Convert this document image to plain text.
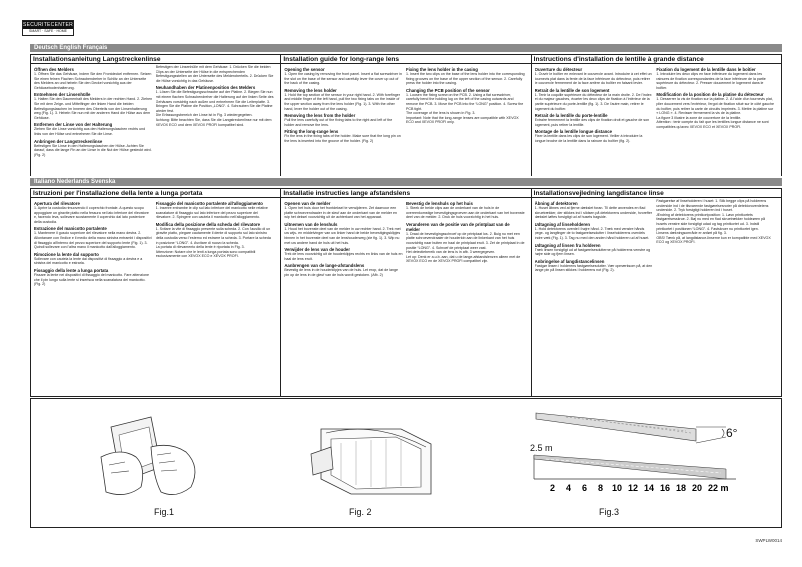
SECURITECENTER
SMART · SAFE · HOME
Deutsch English Français
Installationsanleitung Langstreckenlinse	Installation guide for long-range lens	Instructions d'installation de lentille à grande distance
Öffnen des Melders
1. Öffnen Sie das Gehäuse, indem Sie den Frontdeckel entfernen. Setzen Sie einen feinen Flachen Schraubendreher in Schlitz an der Unterseite des Melders an und hebeln Sie den Deckel vorsichtig aus der Gehäusebodenhalterung.
Entnehmen der Linsenhülle
1. Halten Sie den Daumenhalt des Melders in der rechten Hand. 2. Ziehen Sie mit dem Zeige- und Mittelfinger der linken Hand die beiden Befestigungslaschen im Inneren des Oberteils von der Linsenhalterung weg (Fig. 1). 3. Hebeln Sie nun mit der anderen Hand die Hülse aus dem Gehäuse.
Entfernen der Linse von der Halterung
Ziehen Sie die Linse vorsichtig aus den Halterungslaschen rechts und links von der Hülse und entnehmen Sie die Linse.
Anbringen der Langstreckenlinse
Befestigen Sie Linse in den Halterungslaschen der Hülse. Achten Sie darauf, dass die lange Fin an der Linse in die Nut der Hülse gesteckt wird. (Fig. 2)
Befestigen der Linsenhülle mit dem Gehäuse: 1. Drücken Sie die beiden Clips an der Unterseite der Hülse in die entsprechenden Befestigungsstellen an der Unterseite des Melderoberteils. 2. Drücken Sie die Hülse vorsichtig in das Gehäuse.
Neuhandhaben der Platinenposition des Melders
1. Lösen Sie die Befestigungsschraube auf der Platine. 2. Biegen Sie nun mit einem flachen Schraubendreher die Halterung auf der linken Seite des Gehäuses vorsichtig nach außen und entnehmen Sie die Leiterplatte. 3. Bringen Sie die Platine die Position „LONG“. 4. Schrauben Sie die Platine wieder fest.
Die Erfassungsbereich der Linse ist in Fig. 3 wiedergegeben.
Achtung: Bitte beachten Sie, dass Sie die Langstreckenlinse nur mit dem XEVOX ECO und dem XEVOX PROFI kompatibel sind.
Opening the sensor
1. Open the casing by removing the front panel. Insert a flat screwdriver in the slot on the base of the sensor and carefully lever the cover up out of the back of the casing.
Removing the lens holder
1. Hold the top section of the sensor in your right hand. 2. With forefinger and middle finger of the left hand, pull the two fixing tabs on the inside of the upper section away from the lens holder (Fig. 1). 3. With the other hand, lever the holder out of the casing.
Removing the lens from the holder
Pull the lens carefully out of the fixing tabs to the right and left of the holder and remove the lens.
Fitting the long-range lens
Fix the lens in the fixing tabs of the holder. Make sure that the long pin on the lens is inserted into the groove of the holder. (Fig. 2)
Fixing the lens holder in the casing
1. Insert the two clips on the base of the lens holder into the corresponding fixing grooves on the base of the upper section of the sensor. 2. Carefully press the holder into the casing.
Changing the PCB position of the sensor
1. Loosen the fixing screw on the PCB. 2. Using a flat screwdriver, carefully bend the holding lug on the left of the casing outwards and remove the PCB. 3. Move the PCB into the “LONG” position. 4. Screw the PCB tight.
The coverage of the lens is shown in Fig. 3.
Important: Note that the long-range lenses are compatible with XEVOX ECO and XEVOX PROFI only.
Ouverture du détecteur
1. Ouvrir le boîtier en enlevant le couvercle avant. Introduire à cet effet un tournevis plat dans la fente de la face inférieure du détecteur, puis retirer le couvercle fermement de la face arrière du boîtier en faisant levier.
Retrait de la lentille de son logement
1. Tenir la coquille supérieure du détecteur de la main droite. 2. De l'index et du majeur gauches, écarter les deux clips de fixation à l'intérieur de la partie supérieure du porte-lentille (fig. 1). 3. De l'autre main, retirer le logement du boîtier.
Retrait de la lentille du porte-lentille
Extraire fermement la lentille des clips de fixation droit et gauche de son logement, puis retirer la lentille.
Montage de la lentille longue distance
Fixer la lentille dans les clips de son logement. Veiller à introduire la longue broche de la lentille dans la rainure du boîtier (fig. 2).
Fixation du logement de la lentille dans le boîtier
1. Introduire les deux clips en face inférieure du logement dans les rainures de fixation correspondantes de la face inférieure de la partie supérieure du détecteur. 2. Presser doucement le logement dans le boîtier.
Modification de la position de la platine du détecteur
1. Desserrer la vis de fixation sur la platine. 2. À l'aide d'un tournevis plat, plier doucement vers l'extérieur, l'ergot de fixation situé sur le côté gauche du boîtier, puis retirer la carte de circuits imprimés. 3. Mettre la platine sur « LONG ». 4. Revisser fermement la vis de la platine.
La figure 3 illustre la zone de couverture de la lentille.
Attention : tenir compte du fait que les lentilles longue distance ne sont compatibles qu'avec XEVOX ECO et XEVOX PROFI.
Italiano Nederlands Svenska
Istruzioni per l'installazione della lente a lunga portata	Installatie instructies lange afstandslens	Installationsvejledning langdistance linse
Apertura del rilevatore
1. Aprire la custodia rimuovendo il coperchio frontale. A questo scopo appoggiare un giravite piatto nella fessura nel lato inferiore del rilevatore e, facendo leva, sollevare scostamente il coperchio dal lato posteriore della custodia.
Estrazione del manicotto portalente
1. Mantenere il guscio superiore del rilevatore nella mano destra. 2. Allontanare con l'indice e il medio della mano sinistra entrambi i dispositivi di fissaggio all'interno del pezzo superiore del supporto lente (Fig. 1). 3. Quindi sollevare con l'altra mano il manicotto dall'alloggiamento.
Rimozione la lente dal supporto
Sollevare con cautela la lente dai dispositivi di fissaggio a destra e a sinistra del manicotto e estrarla.
Fissaggio della lente a lunga portata
Fissare la lente nei dispositivi di fissaggio del manicotto. Fare attenzione che il pin lungo sulla lente si inserisca nella scanalatura del manicotto. (Fig. 2)
Fissaggio del manicotto portalente all'alloggiamento
1. Inserire entrambe le clip sul lato inferiore del manicotto nelle relative scanalature di fissaggio sul lato inferiore del pezzo superiore del rilevatore. 2. Spingere con cautela il manicotto nell'alloggiamento.
Modifica della posizione della scheda del rilevatore
1. Svitare la vite di fissaggio presente sulla scheda. 2. Con l'ausilio di un giravite piatto, piegare cautamente il dente di supporto sul lato sinistro della custodia verso l'esterno ed estrarre la scheda. 3. Portare la scheda in posizione “LONG”. 4. Avvitare di nuovo la scheda.
La portata di rilevamento della lente è riportata in Fig. 3.
Attenzione: Notare che le lenti a lunga portata sono compatibili esclusivamente con XEVOX ECO e XEVOX PROFI.
Openen van de melder
1. Open het huis door het frontdeksel te verwijderen. Zet daarvoor een platte schroevendraaier in de sleuf aan de onderkant van de melder en wip het deksel voorzichtig uit de achterkant van het apparaat.
Uitnemen van de lenshuls
1. Houd het bovenste deel van de melder in uw rechter hand. 2. Trek met uw wijs- en middelvinger van uw linker hand de beide bevestigingsklipjes binnen in het bovenste deel van de lenshouderweg (zie fig. 1). 3. Wip nu met uw andere hand de huls uit het huis.
Verwijder de lens van de houder
Trek de lens voorzichtig uit de houderklipjes rechts en links van de huls en haal de lens eruit.
Aanbrengen van de lange-afstandslens
Bevestig de lens in de houderklipjes van de huls. Let erop, dat de lange pin op de lens in de gleuf van de huls wordt gestoken. (Afb. 2)
Bevestig de lenshuls op het huis
1. Steek de beide clips aan de onderkant van de huls in de overeenkomstige bevestigingsgroeven aan de onderkant van het bovenste deel van de melder. 2. Druk de huls voorzichtig in het huis.
Veranderen van de positie van de printplaat van de melder
1. Draai de bevestigingsschroef op de printplaat los. 2. Buig nu met een platte schroevendraaier de houderlob aan de linkerkant van het huis voorzichtig naar buiten en haal de printplaat eruit. 3. Zet de printplaat in de positie “LONG”. 4. Schroef de printplaat weer vast.
Het detectiebereik van de lens is in afb. 3 weergegeven.
Let op: Denk er a.u.b. aan, dat u de lange-afstandslenzen alleen met de XEVOX ECO en de XEVOX PROFI compatibel zijn.
Åbning af detektoren
1. Huset åbnes ved at fjerne dækslet foran. Til dette anvendes en flad skruetrækker, der stikkes ind i slidsen på detektorens underside, hvorefter dækslet løftes forsigtigt ud af husets bagside.
Udtagning af linseholderen
1. Hold detektorens overdel i højre hånd. 2. Træk med venstre hånds pege- og langfinger de to fastgørelsesdutter i linseholderens overdels indre væk (Fig. 1). 3. Tag nu med den anden hånd holderen ud af huset.
Udtagning af linsen fra holderen
Træk linsen forsigtigt ud af fastgørelsesdutterne på holderens venstre og højre side og fjern linsen.
Anbringelse af langdistancelinsen
Fastgør linsen i holderens fastgørelsesdutter. Vær opmærksom på, at den lange pin på linsen stikkes i holderens not (Fig. 2).
Fastgørelse af linseholderen i huset: 1. Stik begge clips på holderens underside ind i de tilsvarende fastgørelsesnoter på detektoroverdelens underside. 2. Tryk forsigtigt holderen ind i huset.
Ændring af detektorens printkortposition: 1. Løsn printkortets fastgørelsesskrue. 2. Bøj nu med en flad skruetrækker holdeøren på husets venstre side forsigtigt udad og tag printkortet ud. 3. Indstil printkortet i positionen “LONG”. 4. Fastskruer nu printkortet igen.
Linsens dækningsområde er anført på fig. 3.
OBS! Tænk på, at langdistance-linserne kun er kompatible med XEVOX ECO og XEVOX PROFI.
Fig.1	Fig. 2
6°
2.5 m
2 4 6 8 10 12 14 16 18 20 22 m
Fig.3
SWPLW0014
